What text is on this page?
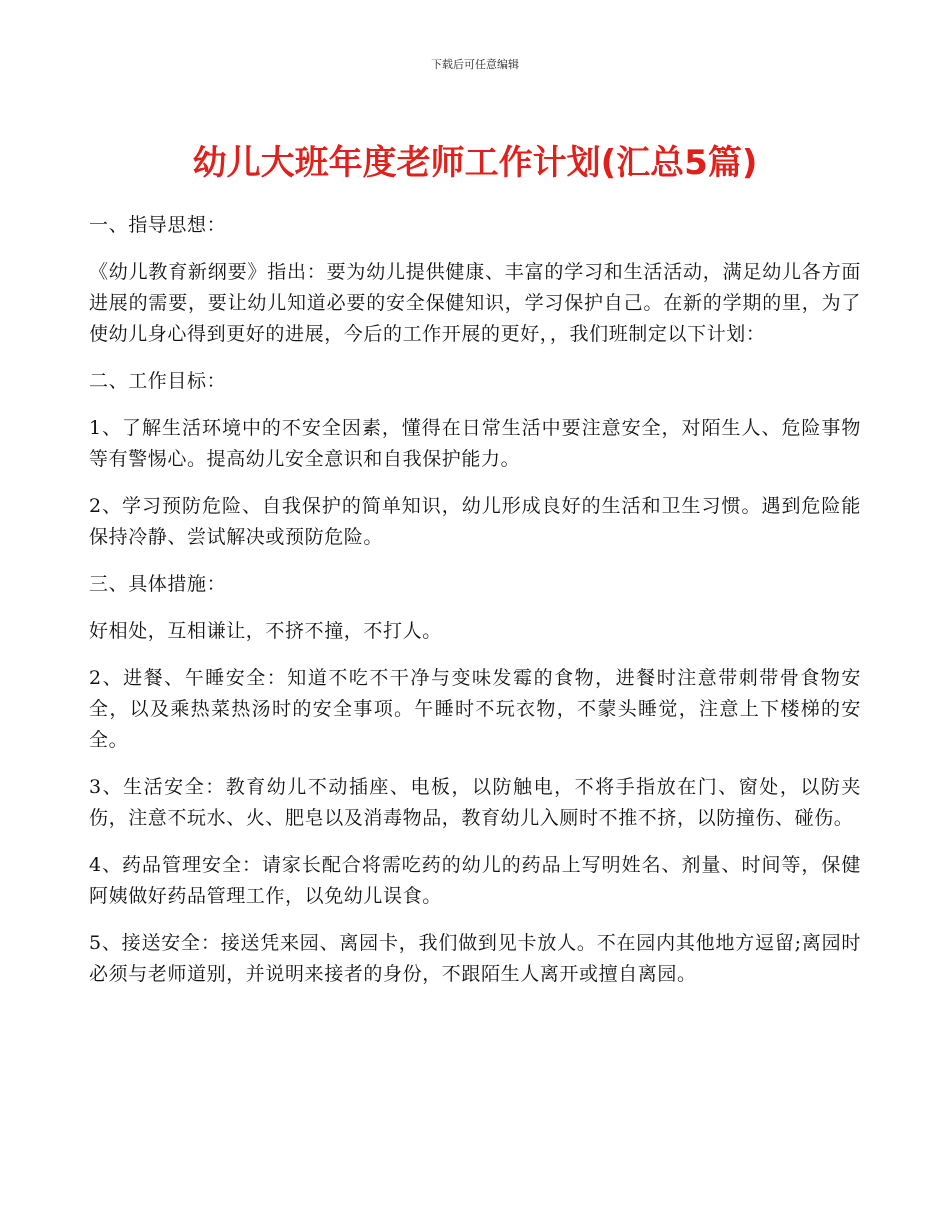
下载后可任意编辑
幼儿大班年度老师工作计划(汇总5篇)

一、指导思想：

《幼儿教育新纲要》指出：要为幼儿提供健康、丰富的学习和生活活动，满足幼儿各方面进展的需要，要让幼儿知道必要的安全保健知识，学习保护自己。在新的学期的里，为了使幼儿身心得到更好的进展，今后的工作开展的更好，，我们班制定以下计划：

二、工作目标：

1、了解生活环境中的不安全因素，懂得在日常生活中要注意安全，对陌生人、危险事物等有警惕心。提高幼儿安全意识和自我保护能力。

2、学习预防危险、自我保护的简单知识，幼儿形成良好的生活和卫生习惯。遇到危险能保持冷静、尝试解决或预防危险。

三、具体措施：

好相处，互相谦让，不挤不撞，不打人。

2、进餐、午睡安全：知道不吃不干净与变味发霉的食物，进餐时注意带刺带骨食物安全，以及乘热菜热汤时的安全事项。午睡时不玩衣物，不蒙头睡觉，注意上下楼梯的安全。

3、生活安全：教育幼儿不动插座、电板，以防触电，不将手指放在门、窗处，以防夹伤，注意不玩水、火、肥皂以及消毒物品，教育幼儿入厕时不推不挤，以防撞伤、碰伤。

4、药品管理安全：请家长配合将需吃药的幼儿的药品上写明姓名、剂量、时间等，保健阿姨做好药品管理工作，以免幼儿误食。

5、接送安全：接送凭来园、离园卡，我们做到见卡放人。不在园内其他地方逗留;离园时必须与老师道别，并说明来接者的身份，不跟陌生人离开或擅自离园。
